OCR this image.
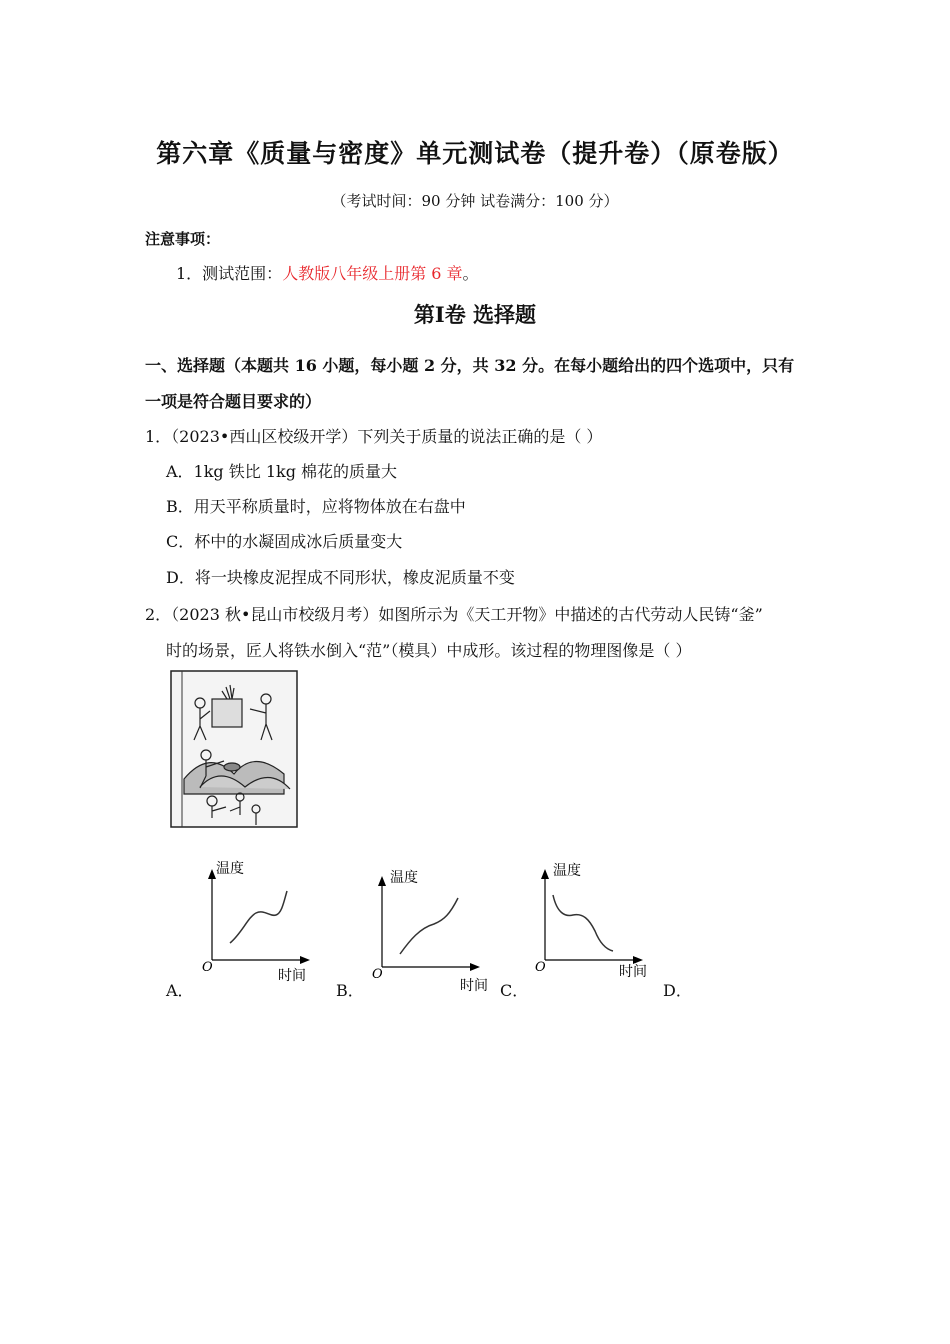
第六章《质量与密度》单元测试卷（提升卷）（原卷版）
（考试时间：90 分钟 试卷满分：100 分）
注意事项：
1．测试范围：人教版八年级上册第 6 章。
第Ⅰ卷 选择题
一、选择题（本题共 16 小题，每小题 2 分，共 32 分。在每小题给出的四个选项中，只有
一项是符合题目要求的）
1．（2023•西山区校级开学）下列关于质量的说法正确的是（ ）
A．1kg 铁比 1kg 棉花的质量大
B．用天平称质量时，应将物体放在右盘中
C．杯中的水凝固成冰后质量变大
D．将一块橡皮泥捏成不同形状，橡皮泥质量不变
2．（2023 秋•昆山市校级月考）如图所示为《天工开物》中描述的古代劳动人民铸“釜”
时的场景，匠人将铁水倒入“范”（模具）中成形。该过程的物理图像是（ ）
温度
时间
O
温度
时间
O
温度
时间
O
A．	B．	C．	D．
